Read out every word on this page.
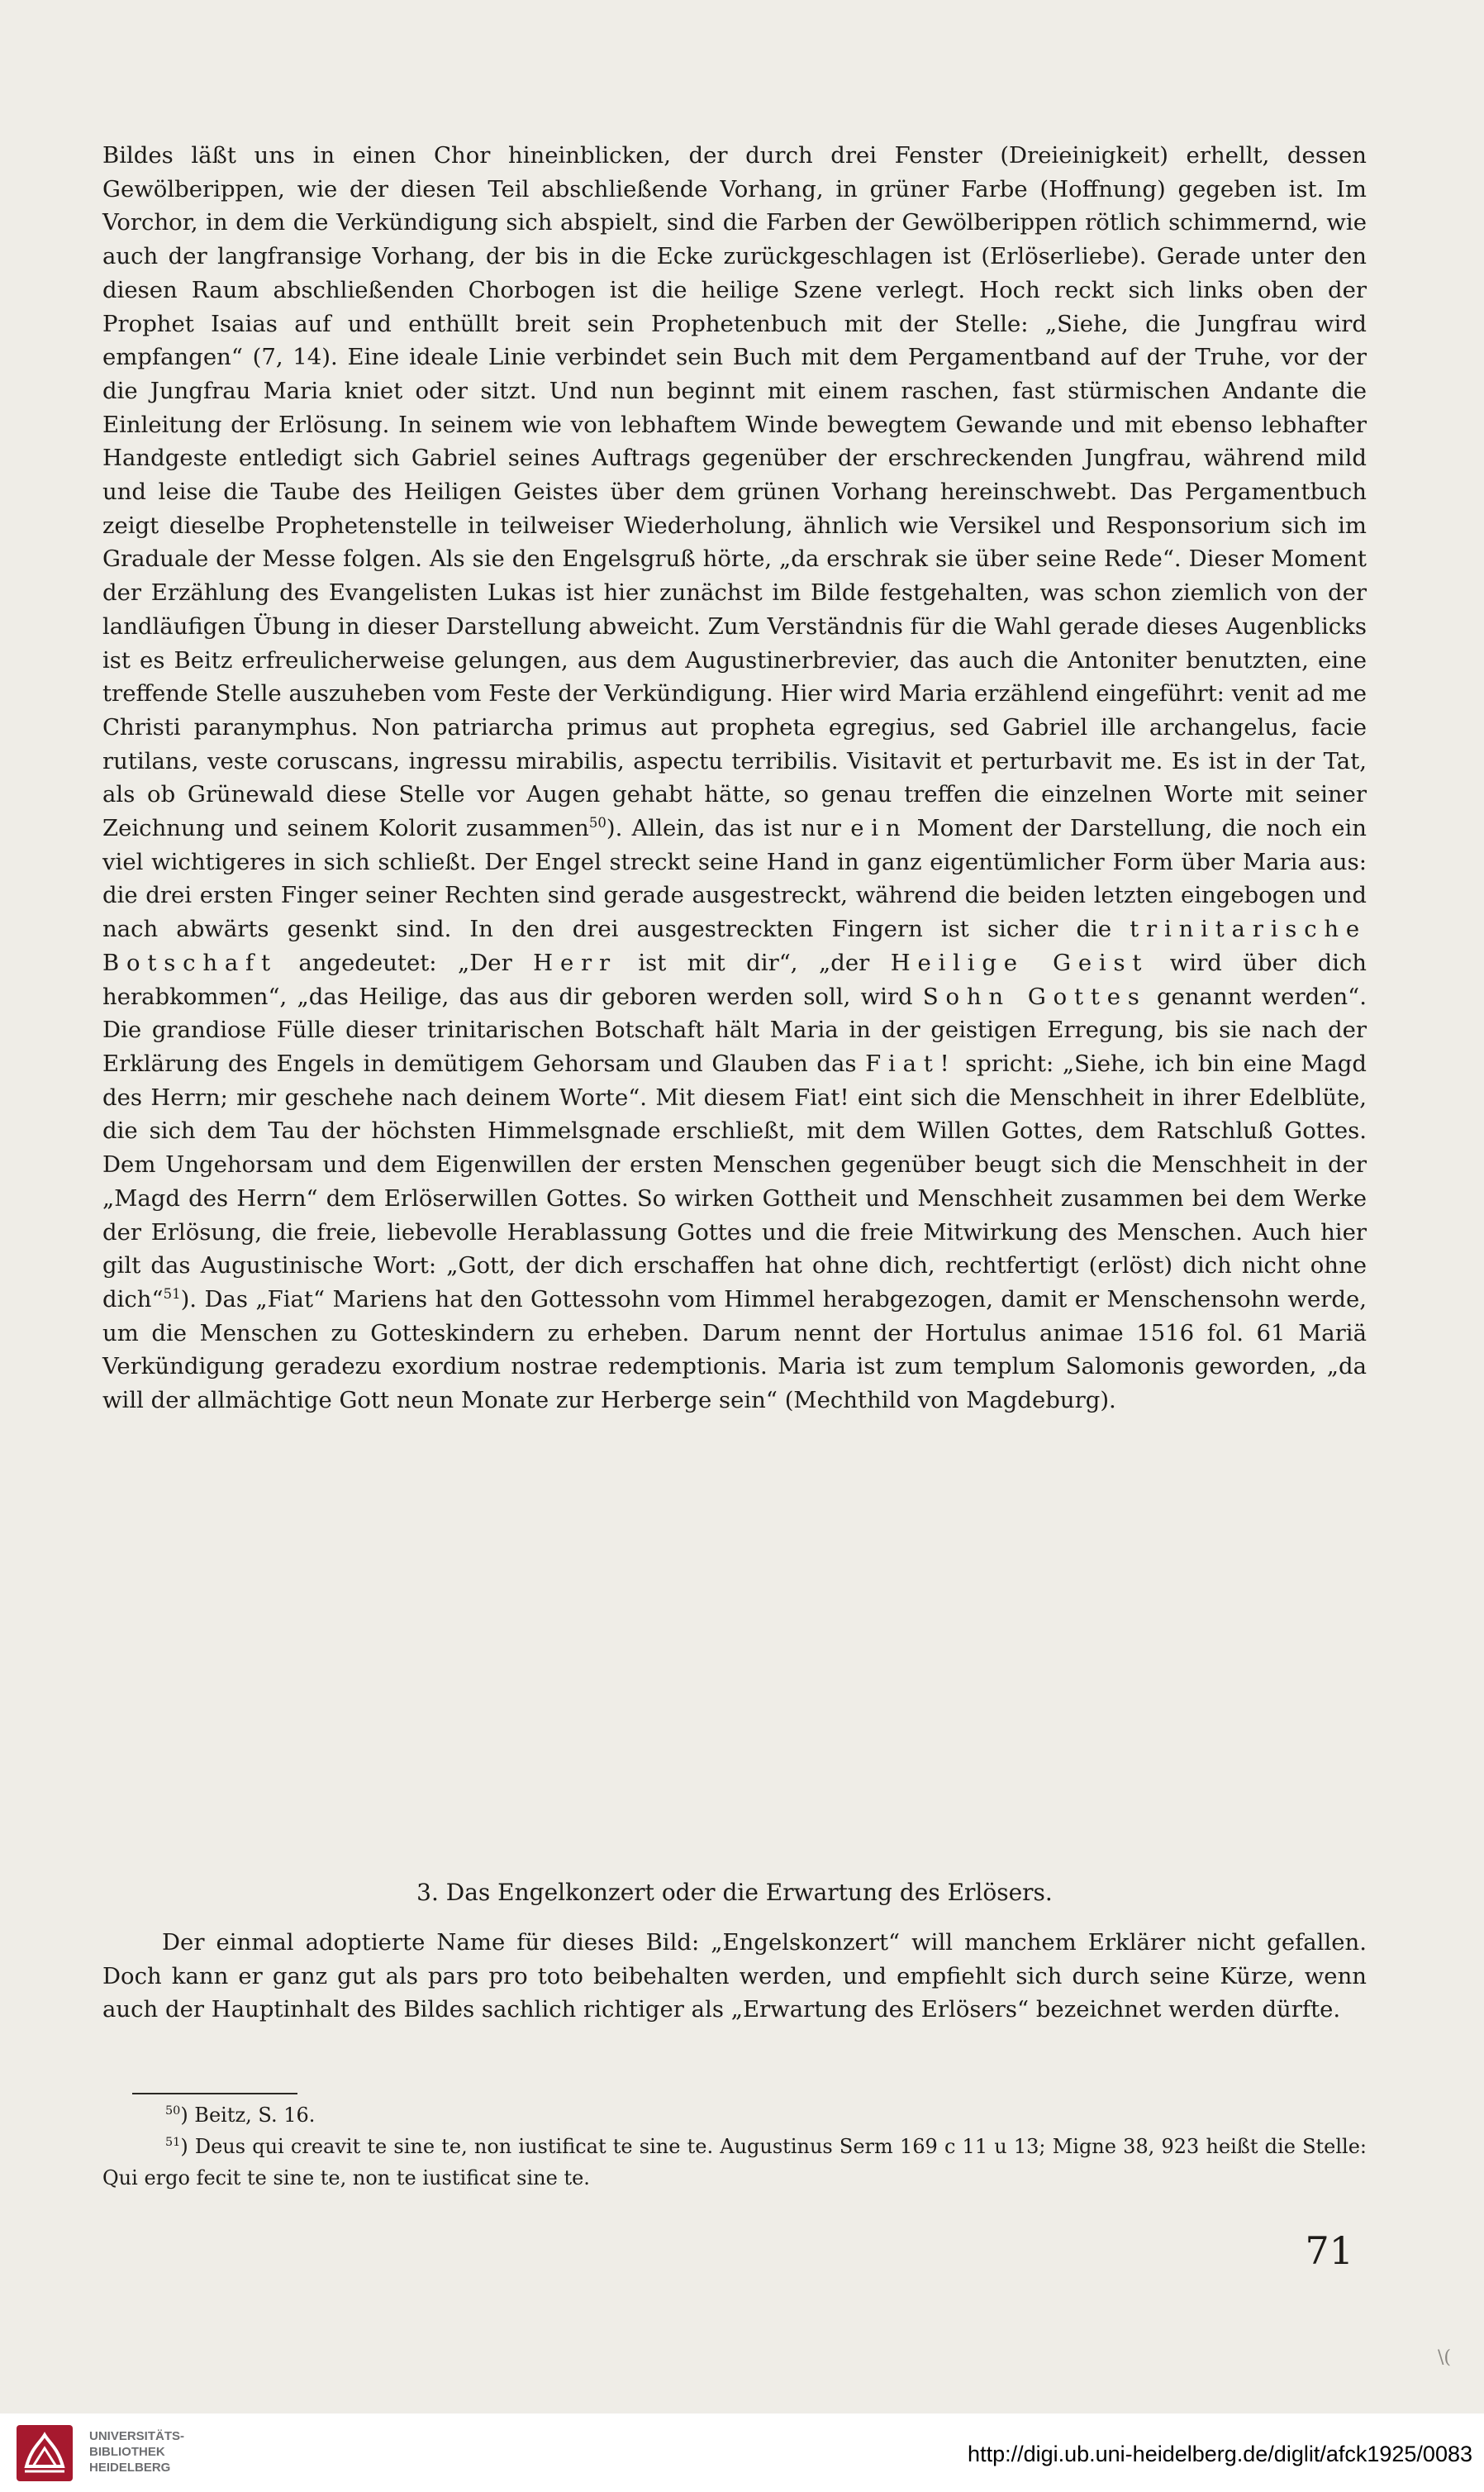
Bildes läßt uns in einen Chor hineinblicken, der durch drei Fenster (Dreieinigkeit) erhellt, dessen Gewölberippen, wie der diesen Teil abschließende Vorhang, in grüner Farbe (Hoffnung) gegeben ist. Im Vorchor, in dem die Verkündigung sich abspielt, sind die Farben der Gewölberippen rötlich schimmernd, wie auch der langfransige Vorhang, der bis in die Ecke zurückgeschlagen ist (Erlöserliebe). Gerade unter den diesen Raum abschließenden Chorbogen ist die heilige Szene verlegt. Hoch reckt sich links oben der Prophet Isaias auf und enthüllt breit sein Prophetenbuch mit der Stelle: „Siehe, die Jungfrau wird empfangen“ (7, 14). Eine ideale Linie verbindet sein Buch mit dem Pergamentband auf der Truhe, vor der die Jungfrau Maria kniet oder sitzt. Und nun beginnt mit einem raschen, fast stürmischen Andante die Einleitung der Erlösung. In seinem wie von lebhaftem Winde bewegtem Gewande und mit ebenso lebhafter Handgeste entledigt sich Gabriel seines Auftrags gegenüber der erschreckenden Jungfrau, während mild und leise die Taube des Heiligen Geistes über dem grünen Vorhang hereinschwebt. Das Pergamentbuch zeigt dieselbe Prophetenstelle in teilweiser Wiederholung, ähnlich wie Versikel und Responsorium sich im Graduale der Messe folgen. Als sie den Engelsgruß hörte, „da erschrak sie über seine Rede“. Dieser Moment der Erzählung des Evangelisten Lukas ist hier zunächst im Bilde festgehalten, was schon ziemlich von der landläufigen Übung in dieser Darstellung abweicht. Zum Verständnis für die Wahl gerade dieses Augenblicks ist es Beitz erfreulicherweise gelungen, aus dem Augustinerbrevier, das auch die Antoniter benutzten, eine treffende Stelle auszuheben vom Feste der Verkündigung. Hier wird Maria erzählend eingeführt: venit ad me Christi paranymphus. Non patriarcha primus aut propheta egregius, sed Gabriel ille archangelus, facie rutilans, veste coruscans, ingressu mirabilis, aspectu terribilis. Visitavit et perturbavit me. Es ist in der Tat, als ob Grünewald diese Stelle vor Augen gehabt hätte, so genau treffen die einzelnen Worte mit seiner Zeichnung und seinem Kolorit zusammen$^{50}$). Allein, das ist nur ein Moment der Darstellung, die noch ein viel wichtigeres in sich schließt. Der Engel streckt seine Hand in ganz eigentümlicher Form über Maria aus: die drei ersten Finger seiner Rechten sind gerade ausgestreckt, während die beiden letzten eingebogen und nach abwärts gesenkt sind. In den drei ausgestreckten Fingern ist sicher die trinitarische Botschaft angedeutet: „Der Herr ist mit dir“, „der Heilige Geist wird über dich herabkommen“, „das Heilige, das aus dir geboren werden soll, wird Sohn Gottes genannt werden“. Die grandiose Fülle dieser trinitarischen Botschaft hält Maria in der geistigen Erregung, bis sie nach der Erklärung des Engels in demütigem Gehorsam und Glauben das Fiat! spricht: „Siehe, ich bin eine Magd des Herrn; mir geschehe nach deinem Worte“. Mit diesem Fiat! eint sich die Menschheit in ihrer Edelblüte, die sich dem Tau der höchsten Himmelsgnade erschließt, mit dem Willen Gottes, dem Ratschluß Gottes. Dem Ungehorsam und dem Eigenwillen der ersten Menschen gegenüber beugt sich die Menschheit in der „Magd des Herrn“ dem Erlöserwillen Gottes. So wirken Gottheit und Menschheit zusammen bei dem Werke der Erlösung, die freie, liebevolle Herablassung Gottes und die freie Mitwirkung des Menschen. Auch hier gilt das Augustinische Wort: „Gott, der dich erschaffen hat ohne dich, rechtfertigt (erlöst) dich nicht ohne dich“$^{51}$). Das „Fiat“ Mariens hat den Gottessohn vom Himmel herabgezogen, damit er Menschensohn werde, um die Menschen zu Gotteskindern zu erheben. Darum nennt der Hortulus animae 1516 fol. 61 Mariä Verkündigung geradezu exordium nostrae redemptionis. Maria ist zum templum Salomonis geworden, „da will der allmächtige Gott neun Monate zur Herberge sein“ (Mechthild von Magdeburg).

3. Das Engelkonzert oder die Erwartung des Erlösers.

Der einmal adoptierte Name für dieses Bild: „Engelskonzert“ will manchem Erklärer nicht gefallen. Doch kann er ganz gut als pars pro toto beibehalten werden, und empfiehlt sich durch seine Kürze, wenn auch der Hauptinhalt des Bildes sachlich richtiger als „Erwartung des Erlösers“ bezeichnet werden dürfte.

$^{50}$) Beitz, S. 16.

$^{51}$) Deus qui creavit te sine te, non iustificat te sine te. Augustinus Serm 169 c 11 u 13; Migne 38, 923 heißt die Stelle: Qui ergo fecit te sine te, non te iustificat sine te.

71
\(
UNIVERSITÄTS-
BIBLIOTHEK
HEIDELBERG
http://digi.ub.uni-heidelberg.de/diglit/afck1925/0083
